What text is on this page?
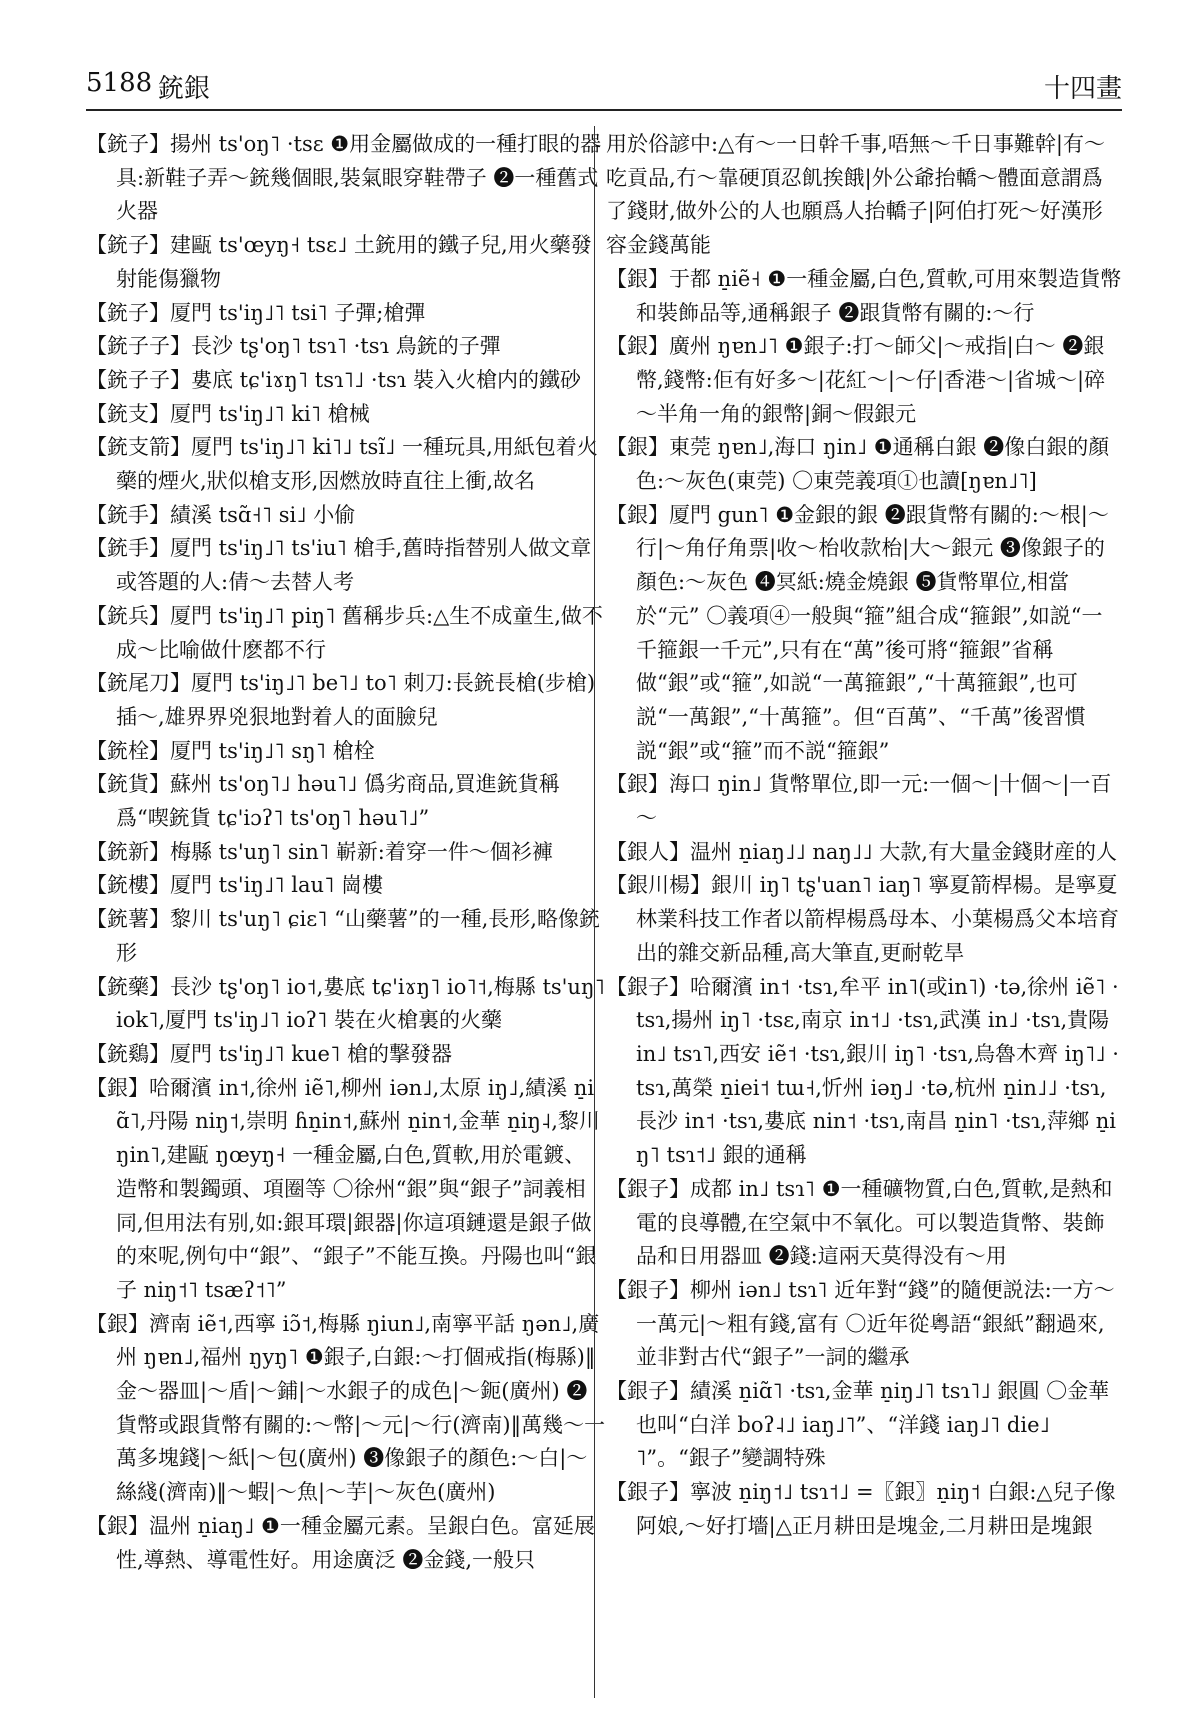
5188 銃銀	十四畫

【銃子】揚州 ts'oŋ˥ ·tsɛ ❶用金屬做成的一種打眼的器具:新鞋子弄～銃幾個眼,裝氣眼穿鞋帶子 ❷一種舊式火器

【銃子】建甌 ts'œyŋ˧ tsɛ˩ 土銃用的鐵子兒,用火藥發射能傷獵物

【銃子】厦門 ts'iŋ˩˥ tsi˥ 子彈;槍彈

【銃子子】長沙 tʂ'oŋ˥ tsɿ˥ ·tsɿ 鳥銃的子彈

【銃子子】婁底 tɕ'iɤŋ˥ tsɿ˥˩ ·tsɿ 裝入火槍内的鐵砂

【銃支】厦門 ts'iŋ˩˥ ki˥ 槍械

【銃支箭】厦門 ts'iŋ˩˥ ki˥˩ tsĩ˩ 一種玩具,用紙包着火藥的煙火,狀似槍支形,因燃放時直往上衝,故名

【銃手】績溪 tsɑ̃˧˥ si˩ 小偷

【銃手】厦門 ts'iŋ˩˥ ts'iu˥ 槍手,舊時指替别人做文章或答題的人:倩～去替人考

【銃兵】厦門 ts'iŋ˩˥ piŋ˥ 舊稱步兵:△生不成童生,做不成～比喻做什麽都不行

【銃尾刀】厦門 ts'iŋ˩˥ be˥˩ to˥ 刺刀:長銃長槍(步槍)插～,雄界界兇狠地對着人的面臉兒

【銃栓】厦門 ts'iŋ˩˥ sŋ˥ 槍栓

【銃貨】蘇州 ts'oŋ˥˩ həu˥˩ 僞劣商品,買進銃貨稱爲“喫銃貨 tɕ'iɔʔ˥ ts'oŋ˥ həu˥˩”

【銃新】梅縣 ts'uŋ˥ sin˥ 嶄新:着穿一件～個衫褲

【銃樓】厦門 ts'iŋ˩˥ lau˥ 崗樓

【銃薯】黎川 ts'uŋ˥ ɕiɛ˥ “山藥薯”的一種,長形,略像銃形

【銃藥】長沙 tʂ'oŋ˥ io˦,婁底 tɕ'iɤŋ˥ io˥˦,梅縣 ts'uŋ˥ iok˥,厦門 ts'iŋ˩˥ ioʔ˥ 裝在火槍裏的火藥

【銃鷄】厦門 ts'iŋ˩˥ kue˥ 槍的撃發器

【銀】哈爾濱 in˦,徐州 iẽ˥,柳州 iən˩,太原 iŋ˩,績溪 n̠iɑ̃˥,丹陽 niŋ˦,崇明 ɦn̠in˦,蘇州 n̠in˦,金華 n̠iŋ˨,黎川 ŋin˥,建甌 ŋœyŋ˧ 一種金屬,白色,質軟,用於電鍍、造幣和製鐲頭、項圈等 〇徐州“銀”與“銀子”詞義相同,但用法有别,如:銀耳環|銀器|你這項鏈還是銀子做的來呢,例句中“銀”、“銀子”不能互換。丹陽也叫“銀子 niŋ˦˥ tsæʔ˦˥”

【銀】濟南 iẽ˦,西寧 iɔ̃˦,梅縣 ŋiun˩,南寧平話 ŋən˩,廣州 ŋɐn˩,福州 ŋyŋ˥ ❶銀子,白銀:～打個戒指(梅縣)‖金～器皿|～盾|～鋪|～水銀子的成色|～鈪(廣州) ❷貨幣或跟貨幣有關的:～幣|～元|～行(濟南)‖萬幾～一萬多塊錢|～紙|～包(廣州) ❸像銀子的顏色:～白|～絲綫(濟南)‖～蝦|～魚|～芋|～灰色(廣州)

【銀】温州 n̠iaŋ˩ ❶一種金屬元素。呈銀白色。富延展性,導熱、導電性好。用途廣泛 ❷金錢,一般只

用於俗諺中:△有～一日幹千事,唔無～千日事難幹|有～吃貢品,冇～靠硬頂忍飢挨餓|外公爺抬轎～體面意謂爲了錢財,做外公的人也願爲人抬轎子|阿伯打死～好漢形容金錢萬能

【銀】于都 n̠iẽ˧ ❶一種金屬,白色,質軟,可用來製造貨幣和裝飾品等,通稱銀子 ❷跟貨幣有關的:～行

【銀】廣州 ŋɐn˩˥ ❶銀子:打～師父|～戒指|白～ ❷銀幣,錢幣:佢有好多～|花紅～|～仔|香港～|省城～|碎～半角一角的銀幣|銅～假銀元

【銀】東莞 ŋɐn˩,海口 ŋin˩ ❶通稱白銀 ❷像白銀的顏色:～灰色(東莞) 〇東莞義項①也讀[ŋɐn˩˥]

【銀】厦門 gun˥ ❶金銀的銀 ❷跟貨幣有關的:～根|～行|～角仔角票|收～枱收款枱|大～銀元 ❸像銀子的顏色:～灰色 ❹冥紙:燒金燒銀 ❺貨幣單位,相當於“元” 〇義項④一般與“箍”組合成“箍銀”,如説“一千箍銀一千元”,只有在“萬”後可將“箍銀”省稱做“銀”或“箍”,如説“一萬箍銀”,“十萬箍銀”,也可説“一萬銀”,“十萬箍”。但“百萬”、“千萬”後習慣説“銀”或“箍”而不説“箍銀”

【銀】海口 ŋin˩ 貨幣單位,即一元:一個～|十個～|一百～

【銀人】温州 n̠iaŋ˩˩ naŋ˩˩ 大款,有大量金錢財産的人

【銀川楊】銀川 iŋ˥ tʂ'uan˥ iaŋ˥ 寧夏箭桿楊。是寧夏林業科技工作者以箭桿楊爲母本、小葉楊爲父本培育出的雜交新品種,高大筆直,更耐乾旱

【銀子】哈爾濱 in˦ ·tsɿ,牟平 in˥(或in˥) ·tə,徐州 iẽ˥ ·tsɿ,揚州 iŋ˥ ·tsɛ,南京 in˦˩ ·tsɿ,武漢 in˩ ·tsɿ,貴陽 in˩ tsɿ˥,西安 iẽ˦ ·tsɿ,銀川 iŋ˥ ·tsɿ,烏魯木齊 iŋ˥˩ ·tsɿ,萬榮 n̠iei˦ tɯ˧,忻州 iəŋ˩ ·tə,杭州 n̠in˩˩ ·tsɿ,長沙 in˦ ·tsɿ,婁底 nin˦ ·tsɿ,南昌 n̠in˥ ·tsɿ,萍鄉 n̠iŋ˥ tsɿ˦˩ 銀的通稱

【銀子】成都 in˩ tsɿ˥ ❶一種礦物質,白色,質軟,是熱和電的良導體,在空氣中不氧化。可以製造貨幣、裝飾品和日用器皿 ❷錢:這兩天莫得没有～用

【銀子】柳州 iən˩ tsɿ˥ 近年對“錢”的隨便説法:一方～一萬元|～粗有錢,富有 〇近年從粵語“銀紙”翻過來,並非對古代“銀子”一詞的繼承

【銀子】績溪 n̠iɑ̃˥ ·tsɿ,金華 n̠iŋ˩˥ tsɿ˥˩ 銀圓 〇金華也叫“白洋 boʔ˨˩ iaŋ˩˥”、“洋錢 iaŋ˩˥ die˩˥”。“銀子”變調特殊

【銀子】寧波 n̠iŋ˦˩ tsɿ˦˩ =〖銀〗n̠iŋ˦ 白銀:△兒子像阿娘,～好打墻|△正月耕田是塊金,二月耕田是塊銀
